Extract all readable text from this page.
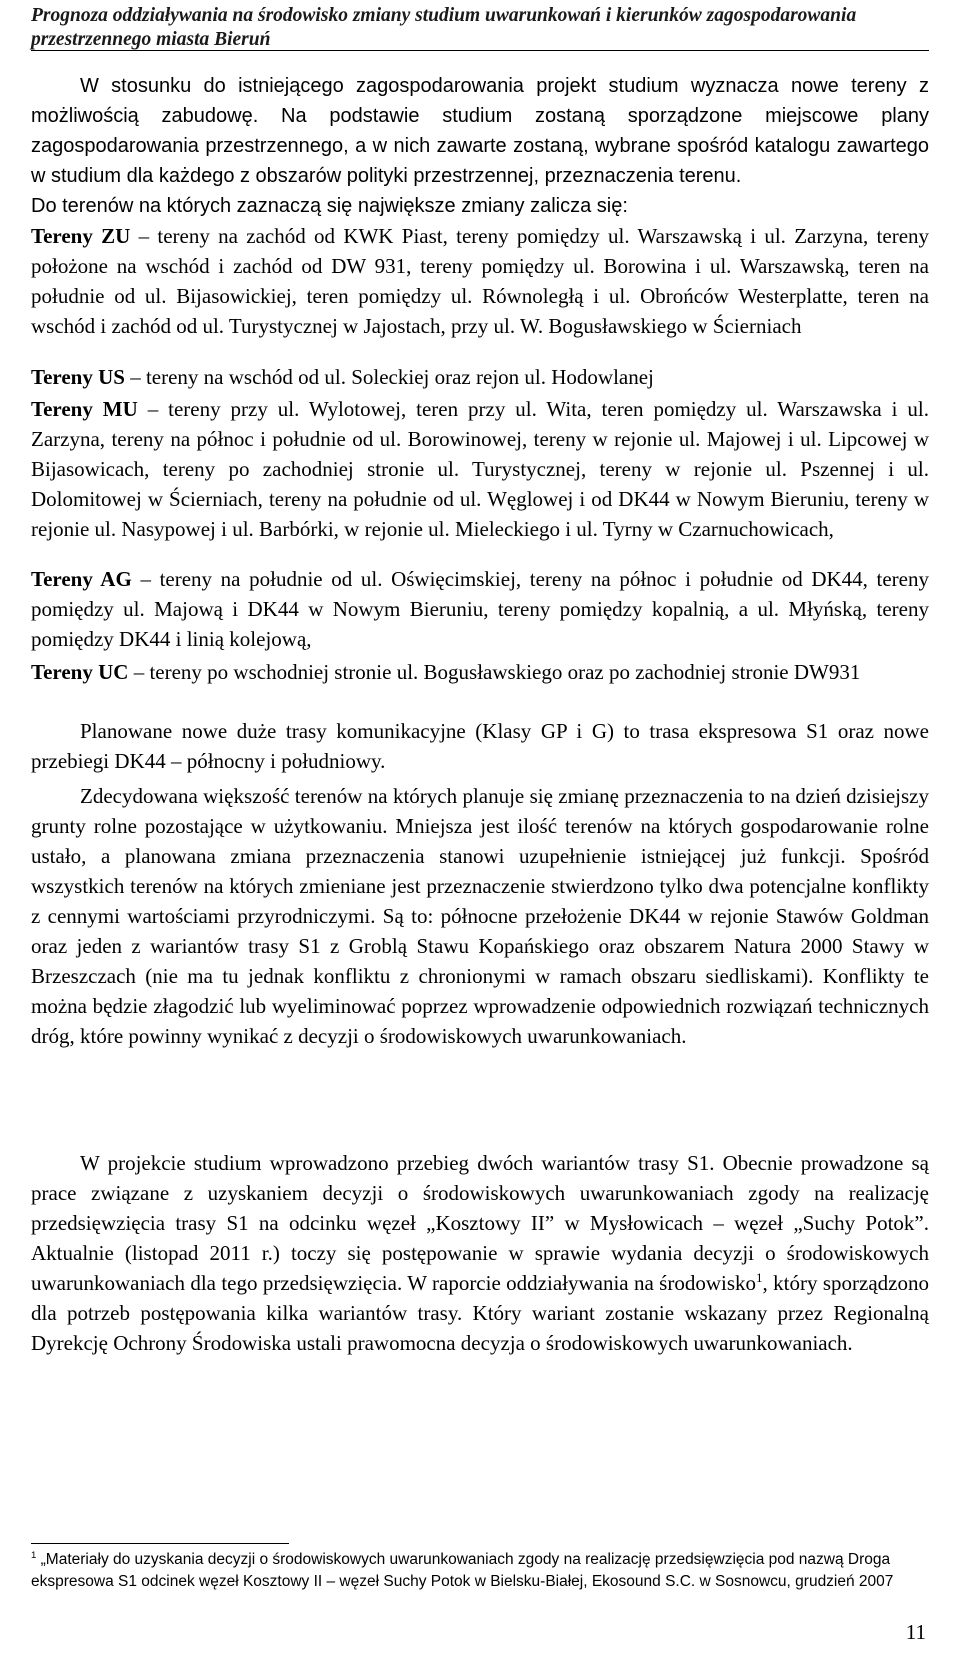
Prognoza oddziaływania na środowisko zmiany studium uwarunkowań i kierunków zagospodarowania
przestrzennego miasta Bieruń

W stosunku do istniejącego zagospodarowania projekt studium wyznacza nowe tereny z możliwością zabudowę. Na podstawie studium zostaną sporządzone miejscowe plany zagospodarowania przestrzennego, a w nich zawarte zostaną, wybrane spośród katalogu zawartego w studium dla każdego z obszarów polityki przestrzennej, przeznaczenia terenu.

Do terenów na których zaznaczą się największe zmiany zalicza się:

Tereny ZU – tereny na zachód od KWK Piast, tereny pomiędzy ul. Warszawską i ul. Zarzyna, tereny położone na wschód i zachód od DW 931, tereny pomiędzy ul. Borowina i ul. Warszawską, teren na południe od ul. Bijasowickiej, teren pomiędzy ul. Równoległą i ul. Obrońców Westerplatte, teren na wschód i zachód od ul. Turystycznej w Jajostach, przy ul. W. Bogusławskiego w Ścierniach

Tereny US – tereny na wschód od ul. Soleckiej oraz rejon ul. Hodowlanej

Tereny MU – tereny przy ul. Wylotowej, teren przy ul. Wita, teren pomiędzy ul. Warszawska i ul. Zarzyna, tereny na północ i południe od ul. Borowinowej, tereny w rejonie ul. Majowej i ul. Lipcowej w Bijasowicach, tereny po zachodniej stronie ul. Turystycznej, tereny w rejonie ul. Pszennej i ul. Dolomitowej w Ścierniach, tereny na południe od ul. Węglowej i od DK44 w Nowym Bieruniu, tereny w rejonie ul. Nasypowej i ul. Barbórki, w rejonie ul. Mieleckiego i ul. Tyrny w Czarnuchowicach,

Tereny AG – tereny na południe od ul. Oświęcimskiej, tereny na północ i południe od DK44, tereny pomiędzy ul. Majową i DK44 w Nowym Bieruniu, tereny pomiędzy kopalnią, a ul. Młyńską, tereny pomiędzy DK44 i linią kolejową,

Tereny UC – tereny po wschodniej stronie ul. Bogusławskiego oraz po zachodniej stronie DW931

Planowane nowe duże trasy komunikacyjne (Klasy GP i G) to trasa ekspresowa S1 oraz nowe przebiegi DK44 – północny i południowy.

Zdecydowana większość terenów na których planuje się zmianę przeznaczenia to na dzień dzisiejszy grunty rolne pozostające w użytkowaniu. Mniejsza jest ilość terenów na których gospodarowanie rolne ustało, a planowana zmiana przeznaczenia stanowi uzupełnienie istniejącej już funkcji. Spośród wszystkich terenów na których zmieniane jest przeznaczenie stwierdzono tylko dwa potencjalne konflikty z cennymi wartościami przyrodniczymi. Są to: północne przełożenie DK44 w rejonie Stawów Goldman oraz jeden z wariantów trasy S1 z Groblą Stawu Kopańskiego oraz obszarem Natura 2000 Stawy w Brzeszczach (nie ma tu jednak konfliktu z chronionymi w ramach obszaru siedliskami). Konflikty te można będzie złagodzić lub wyeliminować poprzez wprowadzenie odpowiednich rozwiązań technicznych dróg, które powinny wynikać z decyzji o środowiskowych uwarunkowaniach.

W projekcie studium wprowadzono przebieg dwóch wariantów trasy S1. Obecnie prowadzone są prace związane z uzyskaniem decyzji o środowiskowych uwarunkowaniach zgody na realizację przedsięwzięcia trasy S1 na odcinku węzeł „Kosztowy II” w Mysłowicach – węzeł „Suchy Potok”. Aktualnie (listopad 2011 r.) toczy się postępowanie w sprawie wydania decyzji o środowiskowych uwarunkowaniach dla tego przedsięwzięcia. W raporcie oddziaływania na środowisko$^1$, który sporządzono dla potrzeb postępowania kilka wariantów trasy. Który wariant zostanie wskazany przez Regionalną Dyrekcję Ochrony Środowiska ustali prawomocna decyzja o środowiskowych uwarunkowaniach.

$^1$ „Materiały do uzyskania decyzji o środowiskowych uwarunkowaniach zgody na realizację przedsięwzięcia pod nazwą Droga ekspresowa S1 odcinek węzeł Kosztowy II – węzeł Suchy Potok w Bielsku-Białej, Ekosound S.C. w Sosnowcu, grudzień 2007

11
